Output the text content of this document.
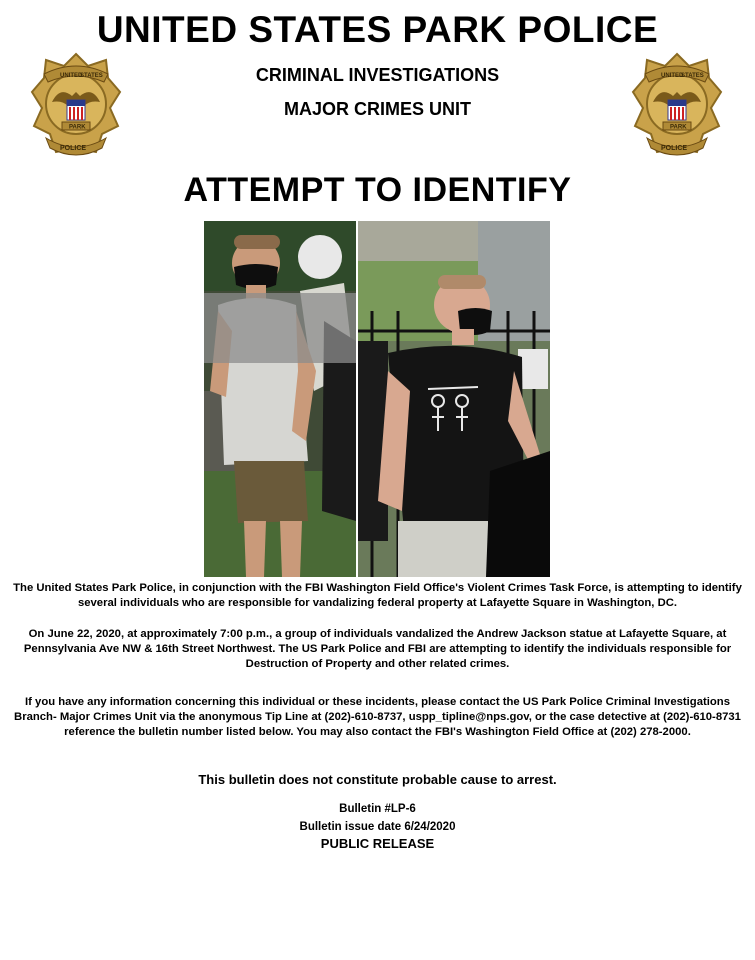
UNITED STATES PARK POLICE
CRIMINAL INVESTIGATIONS
MAJOR CRIMES UNIT
UNITED
STATES
PARK
POLICE
UNITED
STATES
PARK
POLICE
ATTEMPT TO IDENTIFY

The United States Park Police, in conjunction with the FBI Washington Field Office's Violent Crimes Task Force, is attempting to identify several individuals who are responsible for vandalizing federal property at Lafayette Square in Washington, DC.

On June 22, 2020, at approximately 7:00 p.m., a group of individuals vandalized the Andrew Jackson statue at Lafayette Square, at Pennsylvania Ave NW & 16th Street Northwest. The US Park Police and FBI are attempting to identify the individuals responsible for Destruction of Property and other related crimes.

If you have any information concerning this individual or these incidents, please contact the US Park Police Criminal Investigations Branch- Major Crimes Unit via the anonymous Tip Line at (202)-610-8737, uspp_tipline@nps.gov, or the case detective at (202)-610-8731 reference the bulletin number listed below. You may also contact the FBI's Washington Field Office at (202) 278-2000.

This bulletin does not constitute probable cause to arrest.
Bulletin #LP-6
Bulletin issue date 6/24/2020
PUBLIC RELEASE
